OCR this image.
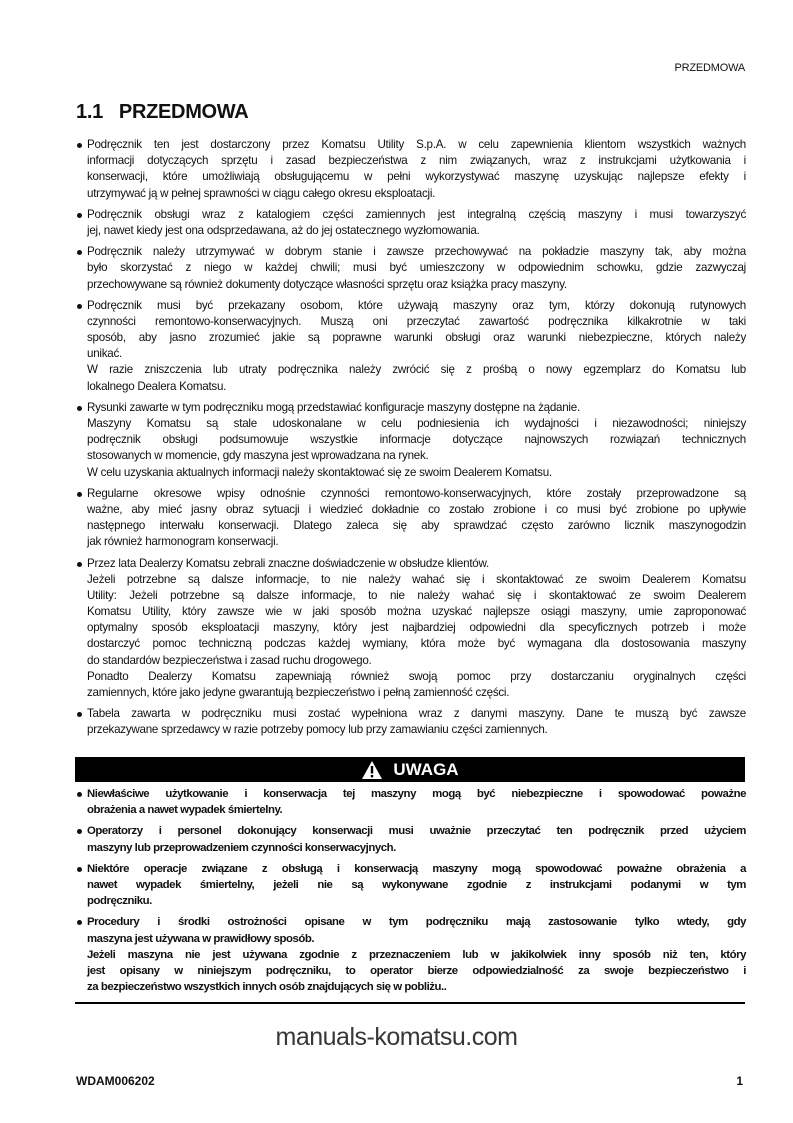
PRZEDMOWA
1.1 PRZEDMOWA
Podręcznik ten jest dostarczony przez Komatsu Utility S.p.A. w celu zapewnienia klientom wszystkich ważnych
informacji dotyczących sprzętu i zasad bezpieczeństwa z nim związanych, wraz z instrukcjami użytkowania i
konserwacji, które umożliwiają obsługującemu w pełni wykorzystywać maszynę uzyskując najlepsze efekty i
utrzymywać ją w pełnej sprawności w ciągu całego okresu eksploatacji.
Podręcznik obsługi wraz z katalogiem części zamiennych jest integralną częścią maszyny i musi towarzyszyć
jej, nawet kiedy jest ona odsprzedawana, aż do jej ostatecznego wyzłomowania.
Podręcznik należy utrzymywać w dobrym stanie i zawsze przechowywać na pokładzie maszyny tak, aby można
było skorzystać z niego w każdej chwili; musi być umieszczony w odpowiednim schowku, gdzie zazwyczaj
przechowywane są również dokumenty dotyczące własności sprzętu oraz książka pracy maszyny.
Podręcznik musi być przekazany osobom, które używają maszyny oraz tym, którzy dokonują rutynowych
czynności remontowo-konserwacyjnych. Muszą oni przeczytać zawartość podręcznika kilkakrotnie w taki
sposób, aby jasno zrozumieć jakie są poprawne warunki obsługi oraz warunki niebezpieczne, których należy
unikać.
W razie zniszczenia lub utraty podręcznika należy zwrócić się z prośbą o nowy egzemplarz do Komatsu lub
lokalnego Dealera Komatsu.
Rysunki zawarte w tym podręczniku mogą przedstawiać konfiguracje maszyny dostępne na żądanie.
Maszyny Komatsu są stale udoskonalane w celu podniesienia ich wydajności i niezawodności; niniejszy
podręcznik obsługi podsumowuje wszystkie informacje dotyczące najnowszych rozwiązań technicznych
stosowanych w momencie, gdy maszyna jest wprowadzana na rynek.
W celu uzyskania aktualnych informacji należy skontaktować się ze swoim Dealerem Komatsu.
Regularne okresowe wpisy odnośnie czynności remontowo-konserwacyjnych, które zostały przeprowadzone są
ważne, aby mieć jasny obraz sytuacji i wiedzieć dokładnie co zostało zrobione i co musi być zrobione po upływie
następnego interwału konserwacji. Dlatego zaleca się aby sprawdzać często zarówno licznik maszynogodzin
jak również harmonogram konserwacji.
Przez lata Dealerzy Komatsu zebrali znaczne doświadczenie w obsłudze klientów.
Jeżeli potrzebne są dalsze informacje, to nie należy wahać się i skontaktować ze swoim Dealerem Komatsu
Utility: Jeżeli potrzebne są dalsze informacje, to nie należy wahać się i skontaktować ze swoim Dealerem
Komatsu Utility, który zawsze wie w jaki sposób można uzyskać najlepsze osiągi maszyny, umie zaproponować
optymalny sposób eksploatacji maszyny, który jest najbardziej odpowiedni dla specyficznych potrzeb i może
dostarczyć pomoc techniczną podczas każdej wymiany, która może być wymagana dla dostosowania maszyny
do standardów bezpieczeństwa i zasad ruchu drogowego.
Ponadto Dealerzy Komatsu zapewniają również swoją pomoc przy dostarczaniu oryginalnych części
zamiennych, które jako jedyne gwarantują bezpieczeństwo i pełną zamienność części.
Tabela zawarta w podręczniku musi zostać wypełniona wraz z danymi maszyny. Dane te muszą być zawsze
przekazywane sprzedawcy w razie potrzeby pomocy lub przy zamawianiu części zamiennych.
UWAGA
Niewłaściwe użytkowanie i konserwacja tej maszyny mogą być niebezpieczne i spowodować poważne
obrażenia a nawet wypadek śmiertelny.
Operatorzy i personel dokonujący konserwacji musi uważnie przeczytać ten podręcznik przed użyciem
maszyny lub przeprowadzeniem czynności konserwacyjnych.
Niektóre operacje związane z obsługą i konserwacją maszyny mogą spowodować poważne obrażenia a
nawet wypadek śmiertelny, jeżeli nie są wykonywane zgodnie z instrukcjami podanymi w tym
podręczniku.
Procedury i środki ostrożności opisane w tym podręczniku mają zastosowanie tylko wtedy, gdy
maszyna jest używana w prawidłowy sposób.
Jeżeli maszyna nie jest używana zgodnie z przeznaczeniem lub w jakikolwiek inny sposób niż ten, który
jest opisany w niniejszym podręczniku, to operator bierze odpowiedzialność za swoje bezpieczeństwo i
za bezpieczeństwo wszystkich innych osób znajdujących się w pobliżu..
manuals-komatsu.com
WDAM006202	1
